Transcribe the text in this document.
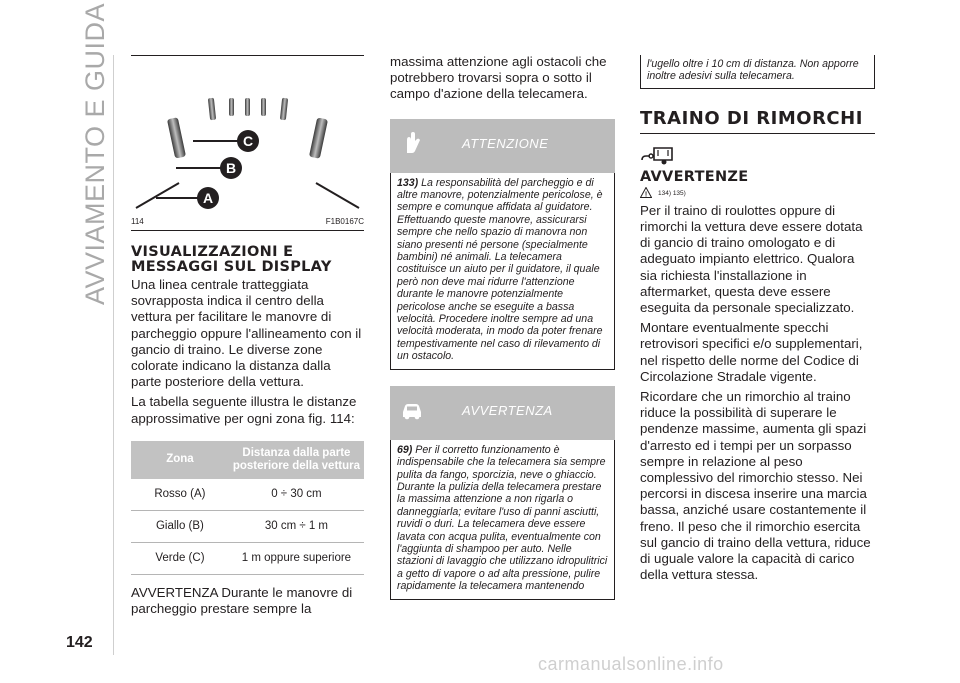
AVVIAMENTO E GUIDA	C
B
A
114	F1B0167C
VISUALIZZAZIONI E MESSAGGI SUL DISPLAY

Una linea centrale tratteggiata sovrapposta indica il centro della vettura per facilitare le manovre di parcheggio oppure l'allineamento con il gancio di traino. Le diverse zone colorate indicano la distanza dalla parte posteriore della vettura.

La tabella seguente illustra le distanze approssimative per ogni zona fig. 114:

Zona	Distanza dalla parte posteriore della vettura
Rosso (A)	0 ÷ 30 cm
Giallo (B)	30 cm ÷ 1 m
Verde (C)	1 m oppure superiore

AVVERTENZA Durante le manovre di parcheggio prestare sempre la

massima attenzione agli ostacoli che potrebbero trovarsi sopra o sotto il campo d'azione della telecamera.

!	ATTENZIONE
133) La responsabilità del parcheggio e di altre manovre, potenzialmente pericolose, è sempre e comunque affidata al guidatore. Effettuando queste manovre, assicurarsi sempre che nello spazio di manovra non siano presenti né persone (specialmente bambini) né animali. La telecamera costituisce un aiuto per il guidatore, il quale però non deve mai ridurre l'attenzione durante le manovre potenzialmente pericolose anche se eseguite a bassa velocità. Procedere inoltre sempre ad una velocità moderata, in modo da poter frenare tempestivamente nel caso di rilevamento di un ostacolo.
AVVERTENZA
69) Per il corretto funzionamento è indispensabile che la telecamera sia sempre pulita da fango, sporcizia, neve o ghiaccio. Durante la pulizia della telecamera prestare la massima attenzione a non rigarla o danneggiarla; evitare l'uso di panni asciutti, ruvidi o duri. La telecamera deve essere lavata con acqua pulita, eventualmente con l'aggiunta di shampoo per auto. Nelle stazioni di lavaggio che utilizzano idropulitrici a getto di vapore o ad alta pressione, pulire rapidamente la telecamera mantenendo
l'ugello oltre i 10 cm di distanza. Non apporre inoltre adesivi sulla telecamera.
TRAINO DI RIMORCHI
AVVERTENZE
! 134) 135)

Per il traino di roulottes oppure di rimorchi la vettura deve essere dotata di gancio di traino omologato e di adeguato impianto elettrico. Qualora sia richiesta l'installazione in aftermarket, questa deve essere eseguita da personale specializzato.

Montare eventualmente specchi retrovisori specifici e/o supplementari, nel rispetto delle norme del Codice di Circolazione Stradale vigente.

Ricordare che un rimorchio al traino riduce la possibilità di superare le pendenze massime, aumenta gli spazi d'arresto ed i tempi per un sorpasso sempre in relazione al peso complessivo del rimorchio stesso. Nei percorsi in discesa inserire una marcia bassa, anziché usare costantemente il freno. Il peso che il rimorchio esercita sul gancio di traino della vettura, riduce di uguale valore la capacità di carico della vettura stessa.

142
carmanualsonline.info
